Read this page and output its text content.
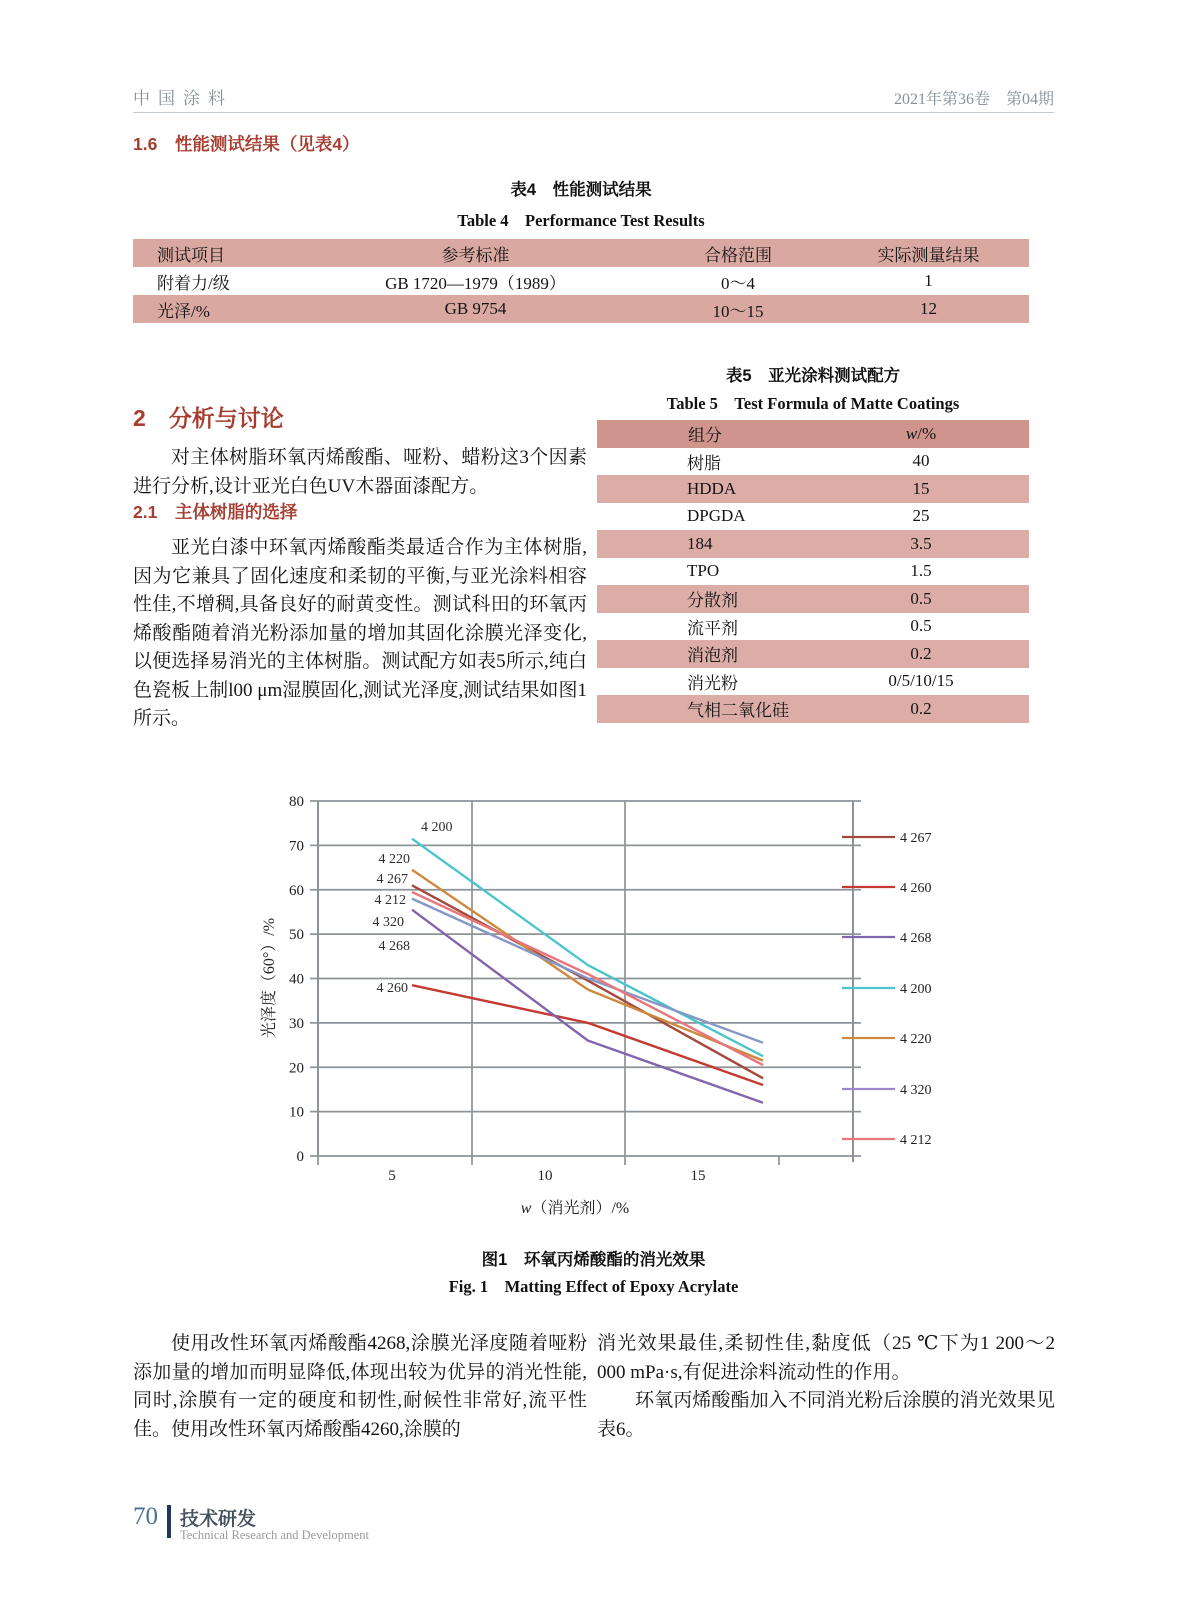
中国涂料	2021年第36卷　第04期
1.6　性能测试结果（见表4）
表4　性能测试结果
Table 4　Performance Test Results
测试项目	参考标准	合格范围	实际测量结果
附着力/级	GB 1720—1979（1989）	0～4	1
光泽/%	GB 9754	10～15	12
2　分析与讨论
对主体树脂环氧丙烯酸酯、哑粉、蜡粉这3个因素进行分析,设计亚光白色UV木器面漆配方。
2.1　主体树脂的选择
亚光白漆中环氧丙烯酸酯类最适合作为主体树脂,因为它兼具了固化速度和柔韧的平衡,与亚光涂料相容性佳,不增稠,具备良好的耐黄变性。测试科田的环氧丙烯酸酯随着消光粉添加量的增加其固化涂膜光泽变化,以便选择易消光的主体树脂。测试配方如表5所示,纯白色瓷板上制l00 μm湿膜固化,测试光泽度,测试结果如图1所示。
表5　亚光涂料测试配方
Table 5　Test Formula of Matte Coatings
组分	w/%
树脂	40
HDDA	15
DPGDA	25
184	3.5
TPO	1.5
分散剂	0.5
流平剂	0.5
消泡剂	0.2
消光粉	0/5/10/15
气相二氧化硅	0.2
0
10
20
30
40
50
60
70
80
5	10	15
w（消光剂）/%
光泽度（60°）/%
4 267
4 260
4 268
4 200
4 220
4 320
4 212
4 267
4 260
4 268
4 200
4 220
4 320
4 212
图1　环氧丙烯酸酯的消光效果
Fig. 1　Matting Effect of Epoxy Acrylate
使用改性环氧丙烯酸酯4268,涂膜光泽度随着哑粉添加量的增加而明显降低,体现出较为优异的消光性能,同时,涂膜有一定的硬度和韧性,耐候性非常好,流平性佳。使用改性环氧丙烯酸酯4260,涂膜的
消光效果最佳,柔韧性佳,黏度低（25 ℃下为1 200～2 000 mPa·s,有促进涂料流动性的作用。
环氧丙烯酸酯加入不同消光粉后涂膜的消光效果见表6。
70 技术研发
Technical Research and Development
